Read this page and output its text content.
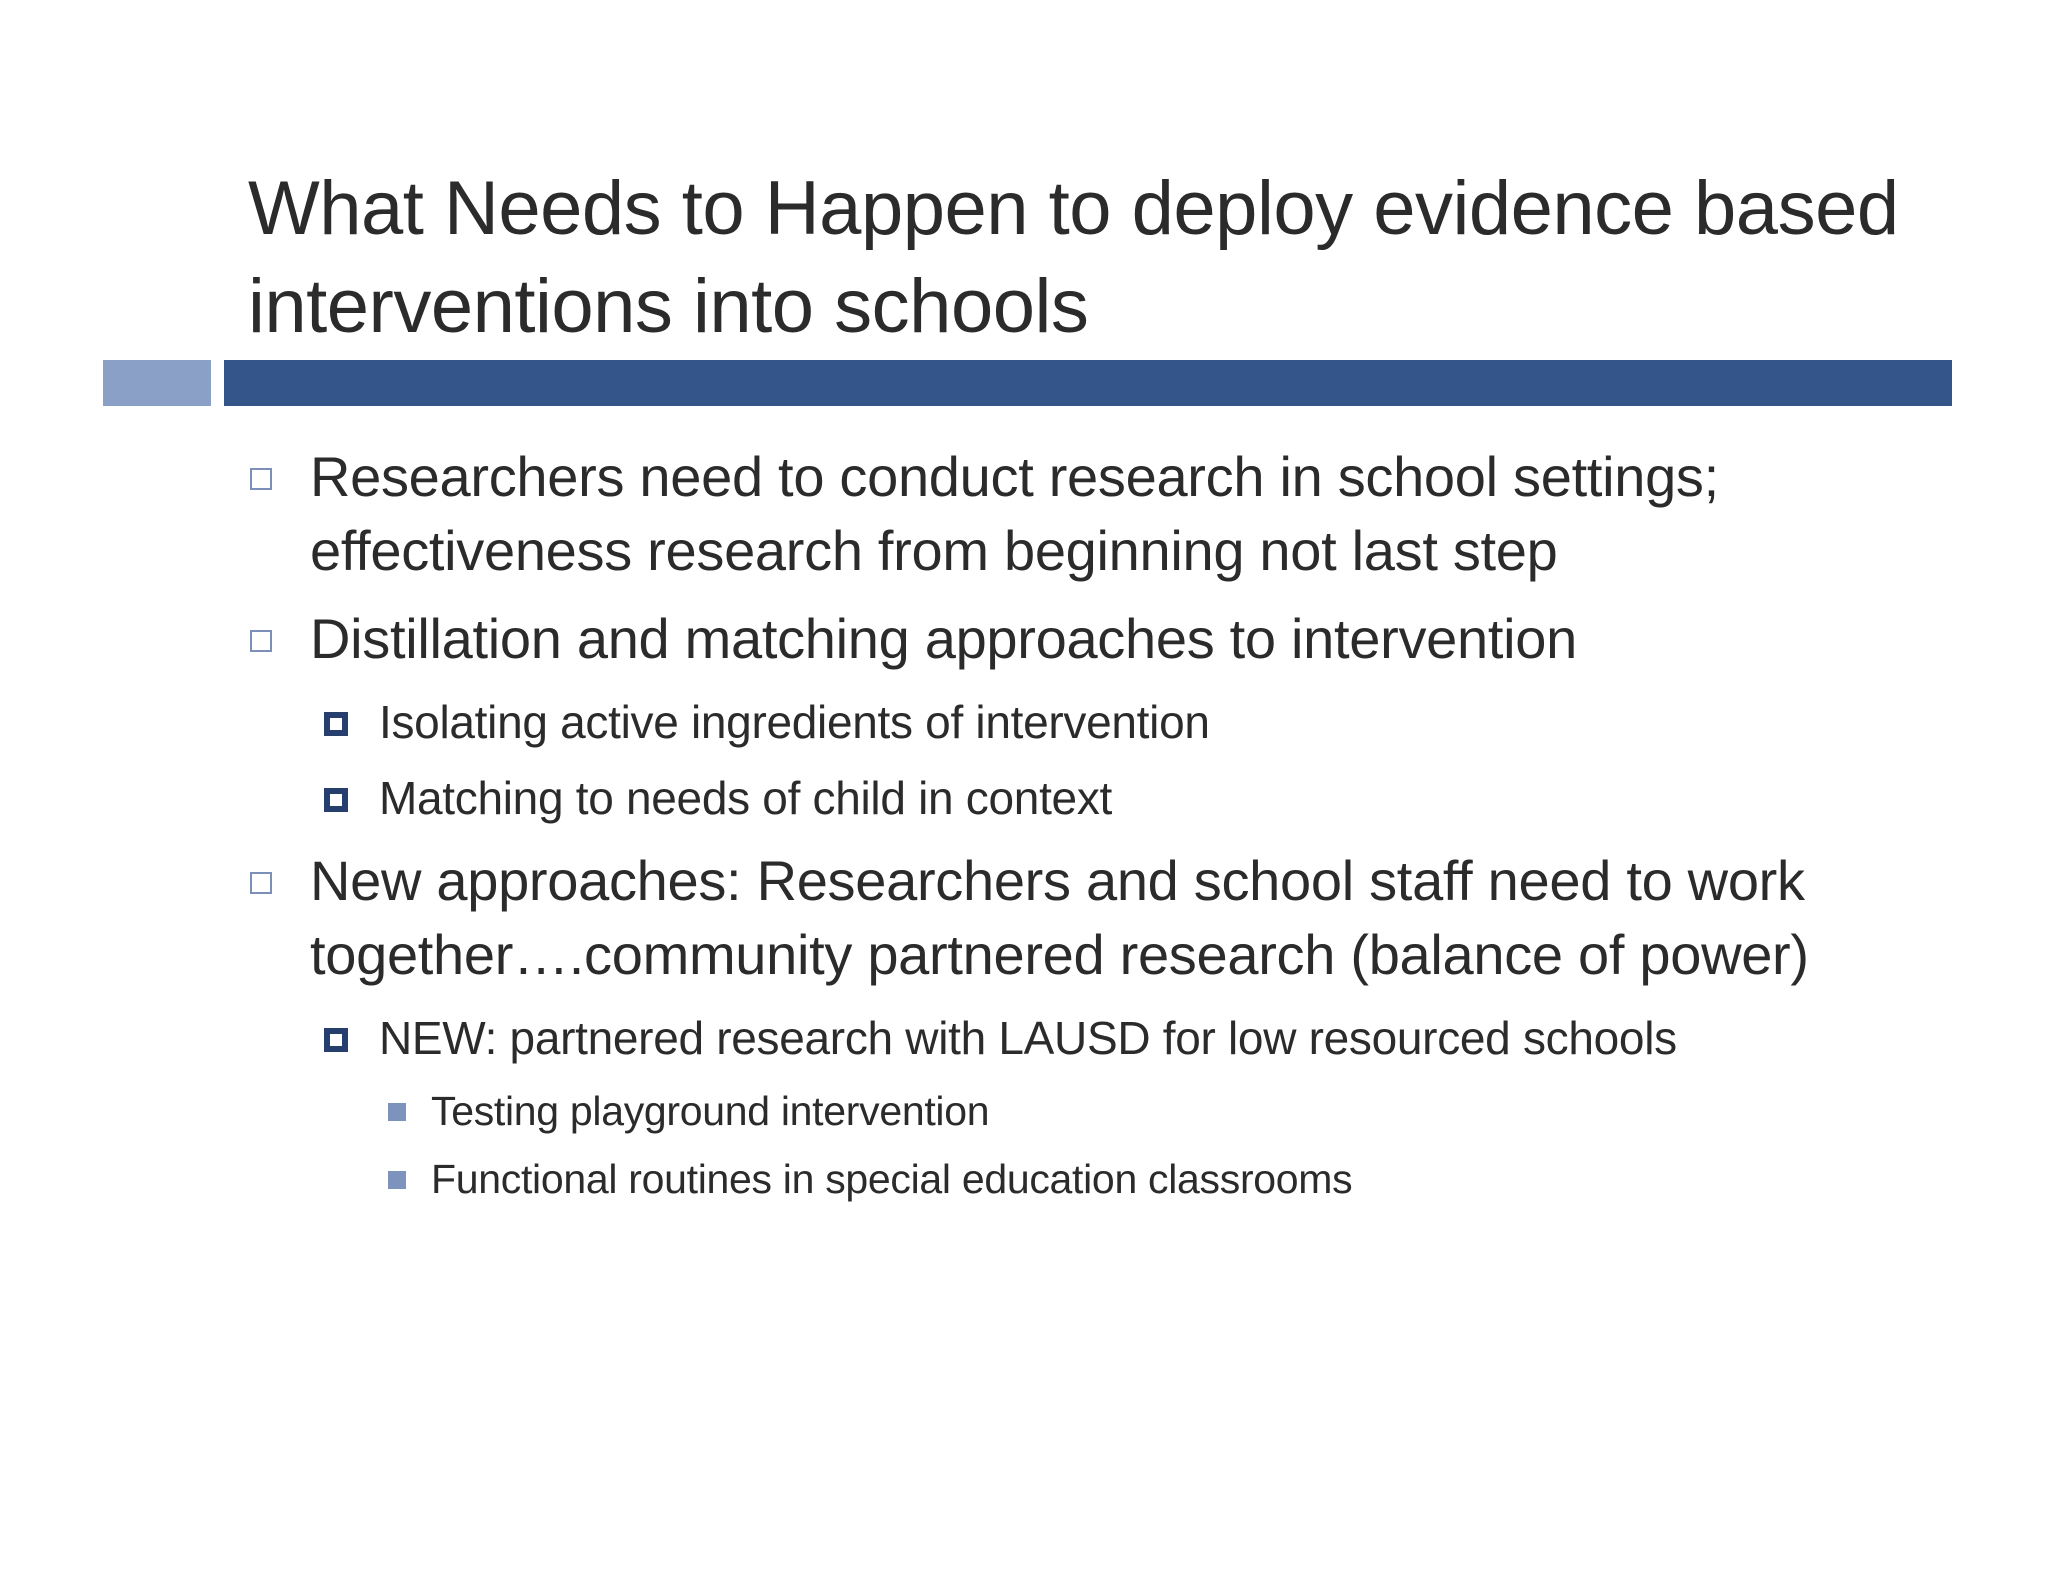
What Needs to Happen to deploy evidence based interventions into schools
Researchers need to conduct research in school settings; effectiveness research from beginning not last step
Distillation and matching approaches to intervention
Isolating active ingredients of intervention
Matching to needs of child in context
New approaches: Researchers and school staff need to work together….community partnered research (balance of power)
NEW: partnered research with LAUSD for low resourced schools
Testing playground intervention
Functional routines in special education classrooms
